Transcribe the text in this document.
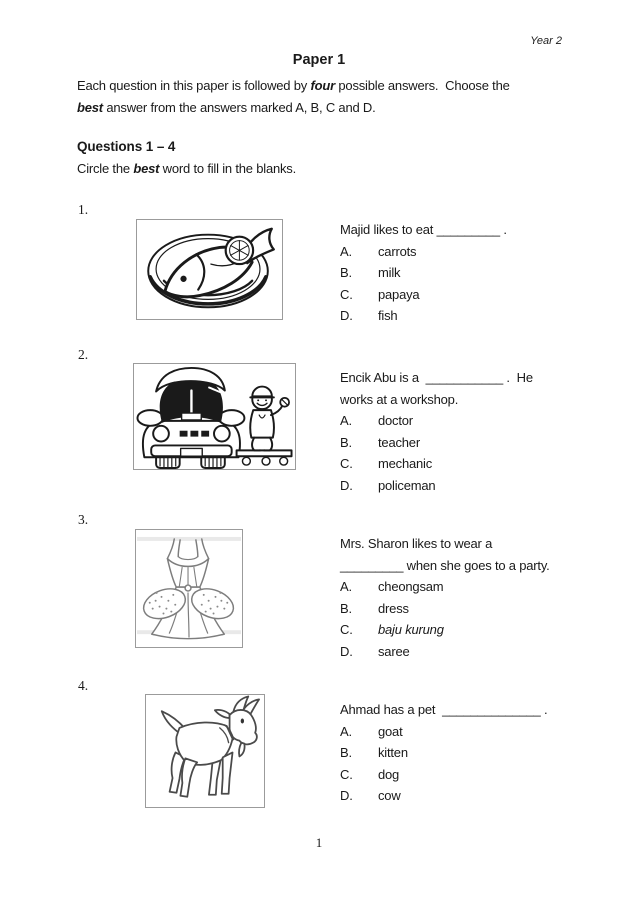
Year 2
Paper 1

Each question in this paper is followed by four possible answers.  Choose the
best answer from the answers marked A, B, C and D.

Questions 1 – 4

Circle the best word to fill in the blanks.

1.
Majid likes to eat _________ .
A.	carrots
B.	milk
C.	papaya
D.	fish
2.
Encik Abu is a  ___________ .  He
works at a workshop.
A.	doctor
B.	teacher
C.	mechanic
D.	policeman
3.
Mrs. Sharon likes to wear a
_________ when she goes to a party.
A.	cheongsam
B.	dress
C.	baju kurung
D.	saree
4.
Ahmad has a pet  ______________ .
A.	goat
B.	kitten
C.	dog
D.	cow
1
